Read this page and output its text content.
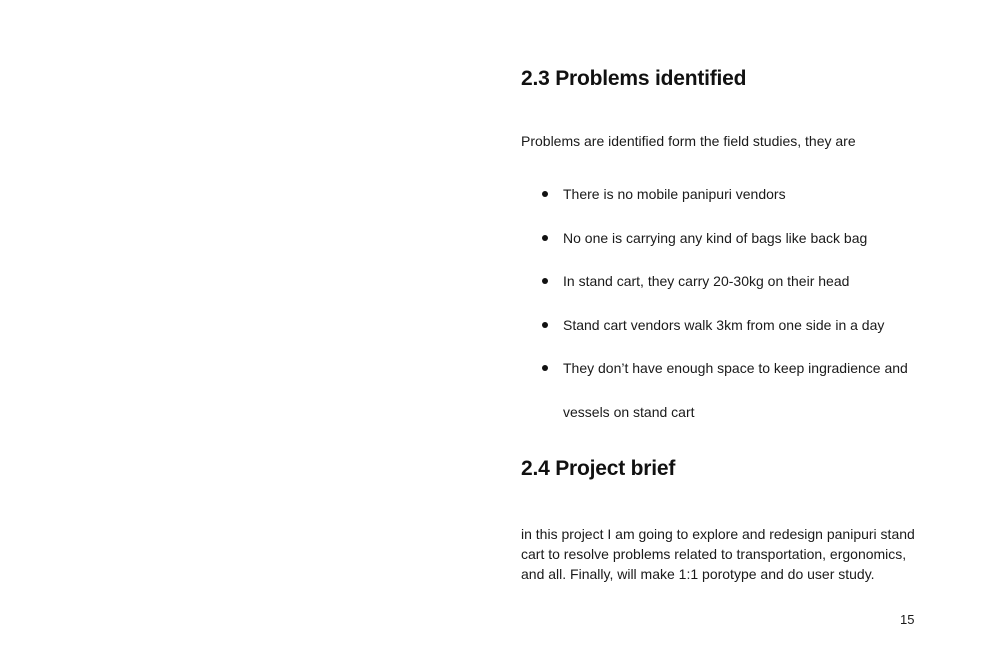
2.3 Problems identified

Problems are identified form the field studies, they are

There is no mobile panipuri vendors
No one is carrying any kind of bags like back bag
In stand cart, they carry 20-30kg on their head
Stand cart vendors walk 3km from one side in a day
They don’t have enough space to keep ingradience and
vessels on stand cart
2.4 Project brief
in this project I am going to explore and redesign panipuri stand
cart to resolve problems related to transportation, ergonomics,
and all. Finally, will make 1:1 porotype and do user study.
15
